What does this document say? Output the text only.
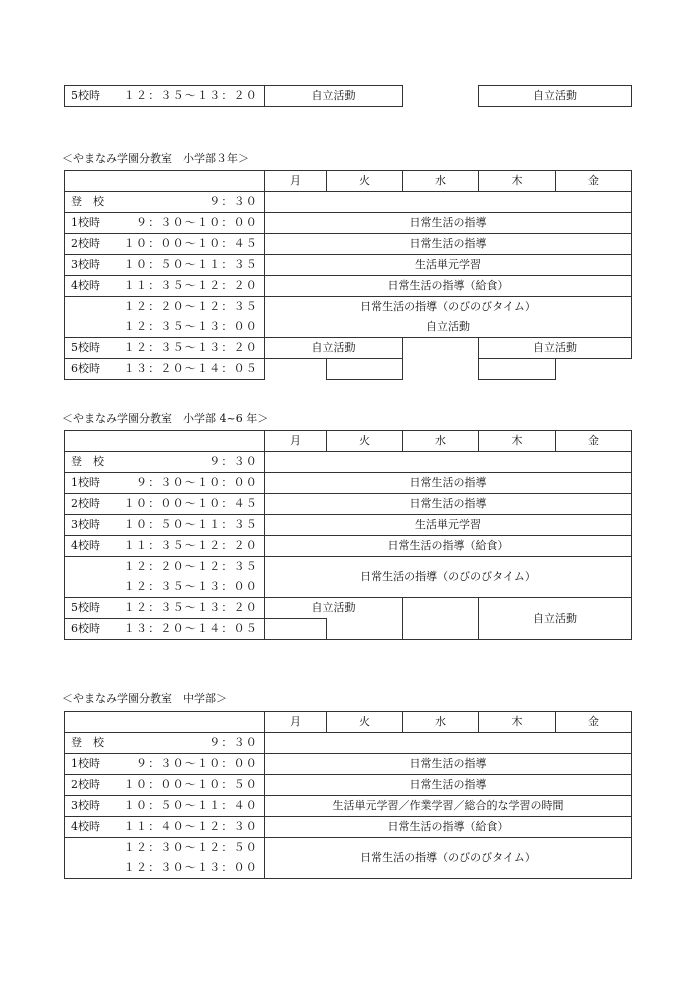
5校時 １２：３５～１３：２０	自立活動		自立活動
＜やまなみ学園分教室　小学部３年＞
	月	火	水	木	金
登　校 ９：３０					
1校時 ９：３０～１０：００	日常生活の指導				
2校時 １０：００～１０：４５	日常生活の指導				
3校時 １０：５０～１１：３５	生活単元学習				
4校時 １１：３５～１２：２０	日常生活の指導（給食）				
１２：２０～１２：３５	日常生活の指導（のびのびタイム）				
１２：３５～１３：００	自立活動				
5校時 １２：３５～１３：２０	自立活動			自立活動	
6校時 １３：２０～１４：０５					
＜やまなみ学園分教室　小学部 4~6 年＞
	月	火	水	木	金
登　校 ９：３０					
1校時 ９：３０～１０：００	日常生活の指導				
2校時 １０：００～１０：４５	日常生活の指導				
3校時 １０：５０～１１：３５	生活単元学習				
4校時 １１：３５～１２：２０	日常生活の指導（給食）				
１２：２０～１２：３５	日常生活の指導（のびのびタイム）				
１２：３５～１３：００					
5校時 １２：３５～１３：２０	自立活動			自立活動	
6校時 １３：２０～１４：０５					
＜やまなみ学園分教室　中学部＞
	月	火	水	木	金
登　校 ９：３０					
1校時 ９：３０～１０：００	日常生活の指導				
2校時 １０：００～１０：５０	日常生活の指導				
3校時 １０：５０～１１：４０	生活単元学習／作業学習／総合的な学習の時間				
4校時 １１：４０～１２：３０	日常生活の指導（給食）				
１２：３０～１２：５０	日常生活の指導（のびのびタイム）				
１２：３０～１３：００					
